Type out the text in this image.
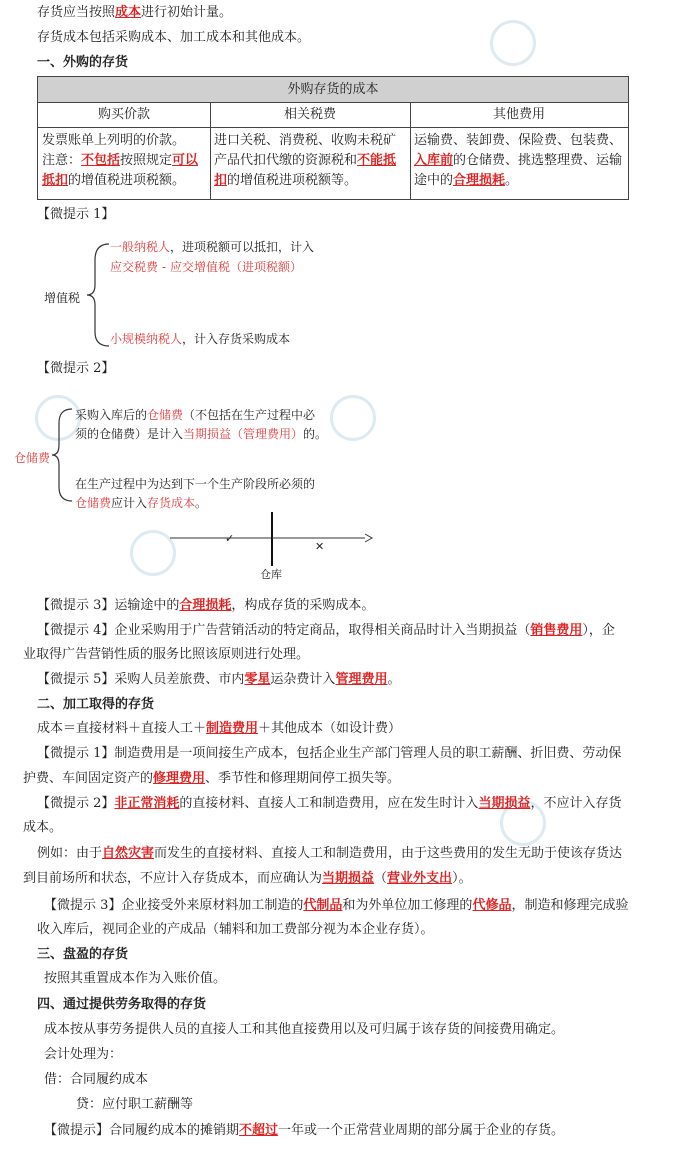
存货应当按照成本进行初始计量。
存货成本包括采购成本、加工成本和其他成本。
一、外购的存货
外购存货的成本
购买价款	相关税费	其他费用
发票账单上列明的价款。
注意：不包括按照规定可以抵扣的增值税进项税额。
进口关税、消费税、收购未税矿产品代扣代缴的资源税和不能抵扣的增值税进项税额等。
运输费、装卸费、保险费、包装费、入库前的仓储费、挑选整理费、运输途中的合理损耗。
【微提示 1】
增值税
一般纳税人，进项税额可以抵扣，计入
应交税费 - 应交增值税（进项税额）
小规模纳税人，计入存货采购成本
【微提示 2】
仓储费
采购入库后的仓储费（不包括在生产过程中必
须的仓储费）是计入当期损益（管理费用）的。
在生产过程中为达到下一个生产阶段所必须的
仓储费应计入存货成本。
✓
✕
仓库
【微提示 3】运输途中的合理损耗，构成存货的采购成本。
【微提示 4】企业采购用于广告营销活动的特定商品，取得相关商品时计入当期损益（销售费用），企
业取得广告营销性质的服务比照该原则进行处理。
【微提示 5】采购人员差旅费、市内零星运杂费计入管理费用。
二、加工取得的存货
成本＝直接材料＋直接人工＋制造费用＋其他成本（如设计费）
【微提示 1】制造费用是一项间接生产成本，包括企业生产部门管理人员的职工薪酬、折旧费、劳动保
护费、车间固定资产的修理费用、季节性和修理期间停工损失等。
【微提示 2】非正常消耗的直接材料、直接人工和制造费用，应在发生时计入当期损益，不应计入存货
成本。
例如：由于自然灾害而发生的直接材料、直接人工和制造费用，由于这些费用的发生无助于使该存货达
到目前场所和状态，不应计入存货成本，而应确认为当期损益（营业外支出）。
【微提示 3】企业接受外来原材料加工制造的代制品和为外单位加工修理的代修品，制造和修理完成验
收入库后，视同企业的产成品（辅料和加工费部分视为本企业存货）。
三、盘盈的存货
按照其重置成本作为入账价值。
四、通过提供劳务取得的存货
成本按从事劳务提供人员的直接人工和其他直接费用以及可归属于该存货的间接费用确定。
会计处理为：
借：合同履约成本
贷：应付职工薪酬等
【微提示】合同履约成本的摊销期不超过一年或一个正常营业周期的部分属于企业的存货。
